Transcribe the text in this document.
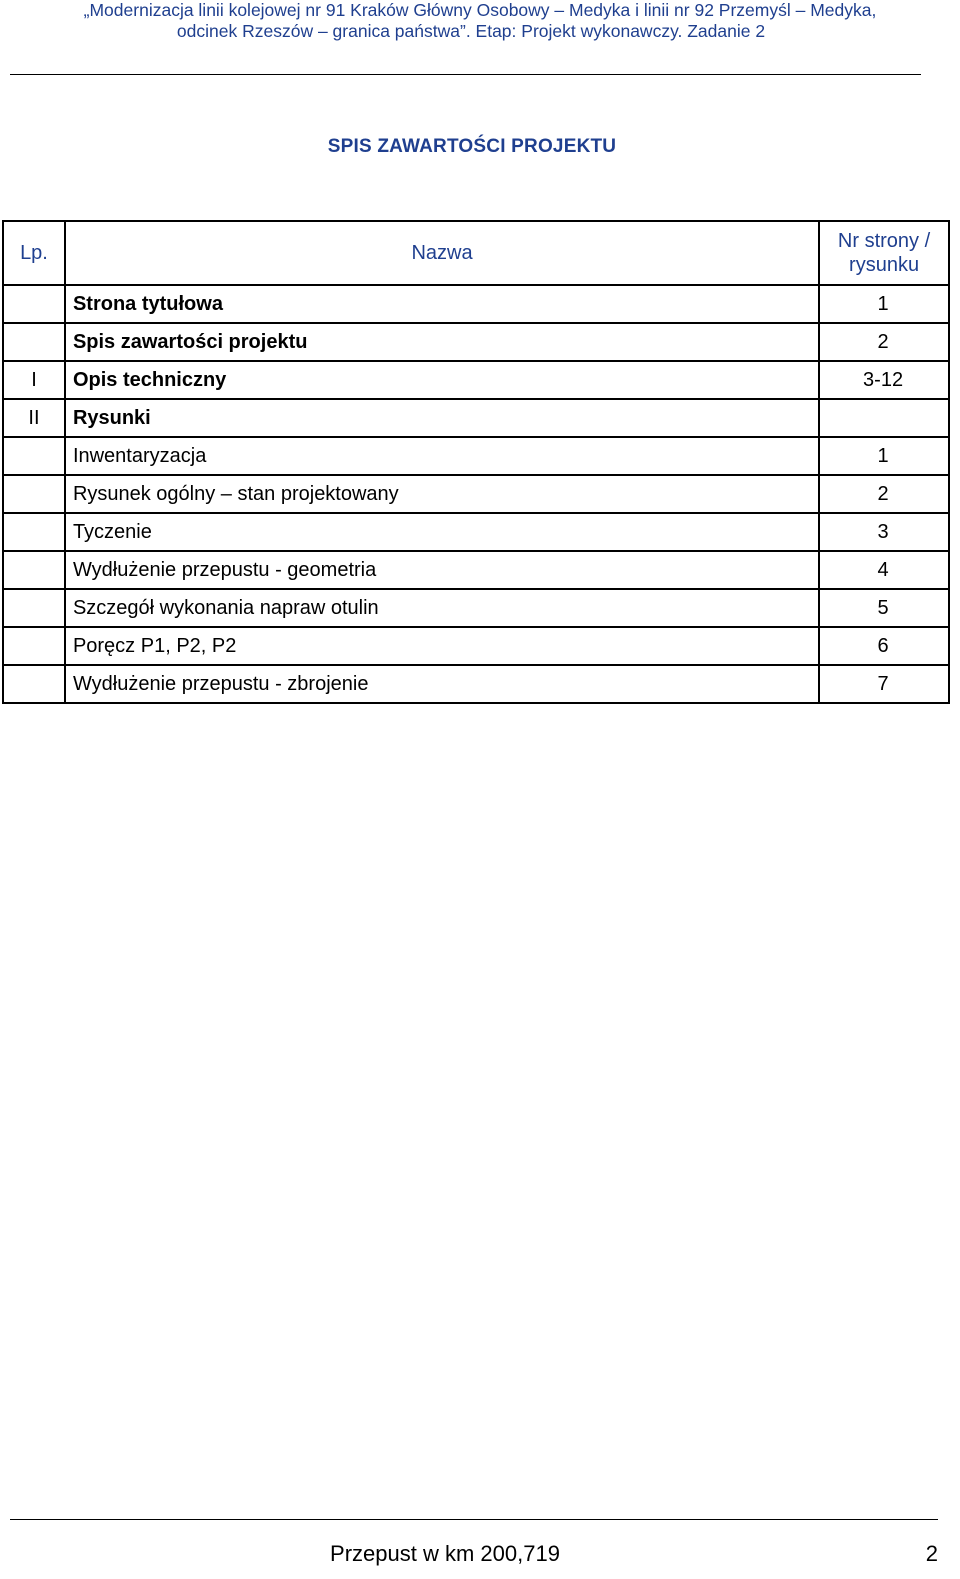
„Modernizacja linii kolejowej nr 91 Kraków Główny Osobowy – Medyka i linii nr 92 Przemyśl – Medyka,
odcinek Rzeszów – granica państwa”. Etap: Projekt wykonawczy. Zadanie 2
SPIS ZAWARTOŚCI PROJEKTU
Lp.	Nazwa	Nr strony /
rysunku
	Strona tytułowa	1
	Spis zawartości projektu	2
I	Opis techniczny	3-12
II	Rysunki	
	Inwentaryzacja	1
	Rysunek ogólny – stan projektowany	2
	Tyczenie	3
	Wydłużenie przepustu - geometria	4
	Szczegół wykonania napraw otulin	5
	Poręcz P1, P2, P2	6
	Wydłużenie przepustu - zbrojenie	7
Przepust w km 200,719	2
